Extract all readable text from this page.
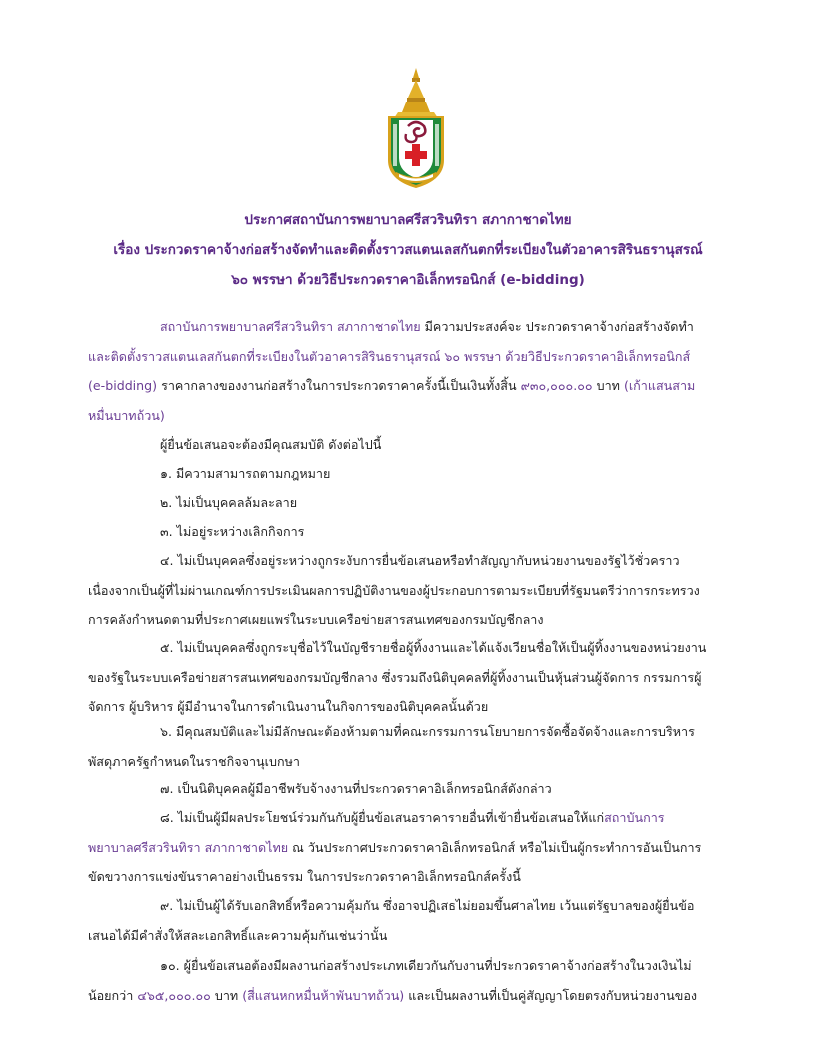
ประกาศสถาบันการพยาบาลศรีสวรินทิรา สภากาชาดไทย
เรื่อง ประกวดราคาจ้างก่อสร้างจัดทำและติดตั้งราวสแตนเลสกันตกที่ระเบียงในตัวอาคารสิรินธรานุสรณ์
๖๐ พรรษา ด้วยวิธีประกวดราคาอิเล็กทรอนิกส์ (e-bidding)
สถาบันการพยาบาลศรีสวรินทิรา สภากาชาดไทย มีความประสงค์จะ ประกวดราคาจ้างก่อสร้างจัดทำ
และติดตั้งราวสแตนเลสกันตกที่ระเบียงในตัวอาคารสิรินธรานุสรณ์ ๖๐ พรรษา ด้วยวิธีประกวดราคาอิเล็กทรอนิกส์
(e-bidding) ราคากลางของงานก่อสร้างในการประกวดราคาครั้งนี้เป็นเงินทั้งสิ้น ๙๓๐,๐๐๐.๐๐ บาท (เก้าแสนสาม
หมื่นบาทถ้วน)
ผู้ยื่นข้อเสนอจะต้องมีคุณสมบัติ ดังต่อไปนี้
๑. มีความสามารถตามกฎหมาย
๒. ไม่เป็นบุคคลล้มละลาย
๓. ไม่อยู่ระหว่างเลิกกิจการ
๔. ไม่เป็นบุคคลซึ่งอยู่ระหว่างถูกระงับการยื่นข้อเสนอหรือทำสัญญากับหน่วยงานของรัฐไว้ชั่วคราว
เนื่องจากเป็นผู้ที่ไม่ผ่านเกณฑ์การประเมินผลการปฏิบัติงานของผู้ประกอบการตามระเบียบที่รัฐมนตรีว่าการกระทรวง
การคลังกำหนดตามที่ประกาศเผยแพร่ในระบบเครือข่ายสารสนเทศของกรมบัญชีกลาง
๕. ไม่เป็นบุคคลซึ่งถูกระบุชื่อไว้ในบัญชีรายชื่อผู้ทิ้งงานและได้แจ้งเวียนชื่อให้เป็นผู้ทิ้งงานของหน่วยงาน
ของรัฐในระบบเครือข่ายสารสนเทศของกรมบัญชีกลาง ซึ่งรวมถึงนิติบุคคลที่ผู้ทิ้งงานเป็นหุ้นส่วนผู้จัดการ กรรมการผู้
จัดการ ผู้บริหาร ผู้มีอำนาจในการดำเนินงานในกิจการของนิติบุคคลนั้นด้วย
๖. มีคุณสมบัติและไม่มีลักษณะต้องห้ามตามที่คณะกรรมการนโยบายการจัดซื้อจัดจ้างและการบริหาร
พัสดุภาครัฐกำหนดในราชกิจจานุเบกษา
๗. เป็นนิติบุคคลผู้มีอาชีพรับจ้างงานที่ประกวดราคาอิเล็กทรอนิกส์ดังกล่าว
๘. ไม่เป็นผู้มีผลประโยชน์ร่วมกันกับผู้ยื่นข้อเสนอราคารายอื่นที่เข้ายื่นข้อเสนอให้แก่สถาบันการ
พยาบาลศรีสวรินทิรา สภากาชาดไทย ณ วันประกาศประกวดราคาอิเล็กทรอนิกส์ หรือไม่เป็นผู้กระทำการอันเป็นการ
ขัดขวางการแข่งขันราคาอย่างเป็นธรรม ในการประกวดราคาอิเล็กทรอนิกส์ครั้งนี้
๙. ไม่เป็นผู้ได้รับเอกสิทธิ์หรือความคุ้มกัน ซึ่งอาจปฏิเสธไม่ยอมขึ้นศาลไทย เว้นแต่รัฐบาลของผู้ยื่นข้อ
เสนอได้มีคำสั่งให้สละเอกสิทธิ์และความคุ้มกันเช่นว่านั้น
๑๐. ผู้ยื่นข้อเสนอต้องมีผลงานก่อสร้างประเภทเดียวกันกับงานที่ประกวดราคาจ้างก่อสร้างในวงเงินไม่
น้อยกว่า ๔๖๕,๐๐๐.๐๐ บาท (สี่แสนหกหมื่นห้าพันบาทถ้วน) และเป็นผลงานที่เป็นคู่สัญญาโดยตรงกับหน่วยงานของ
